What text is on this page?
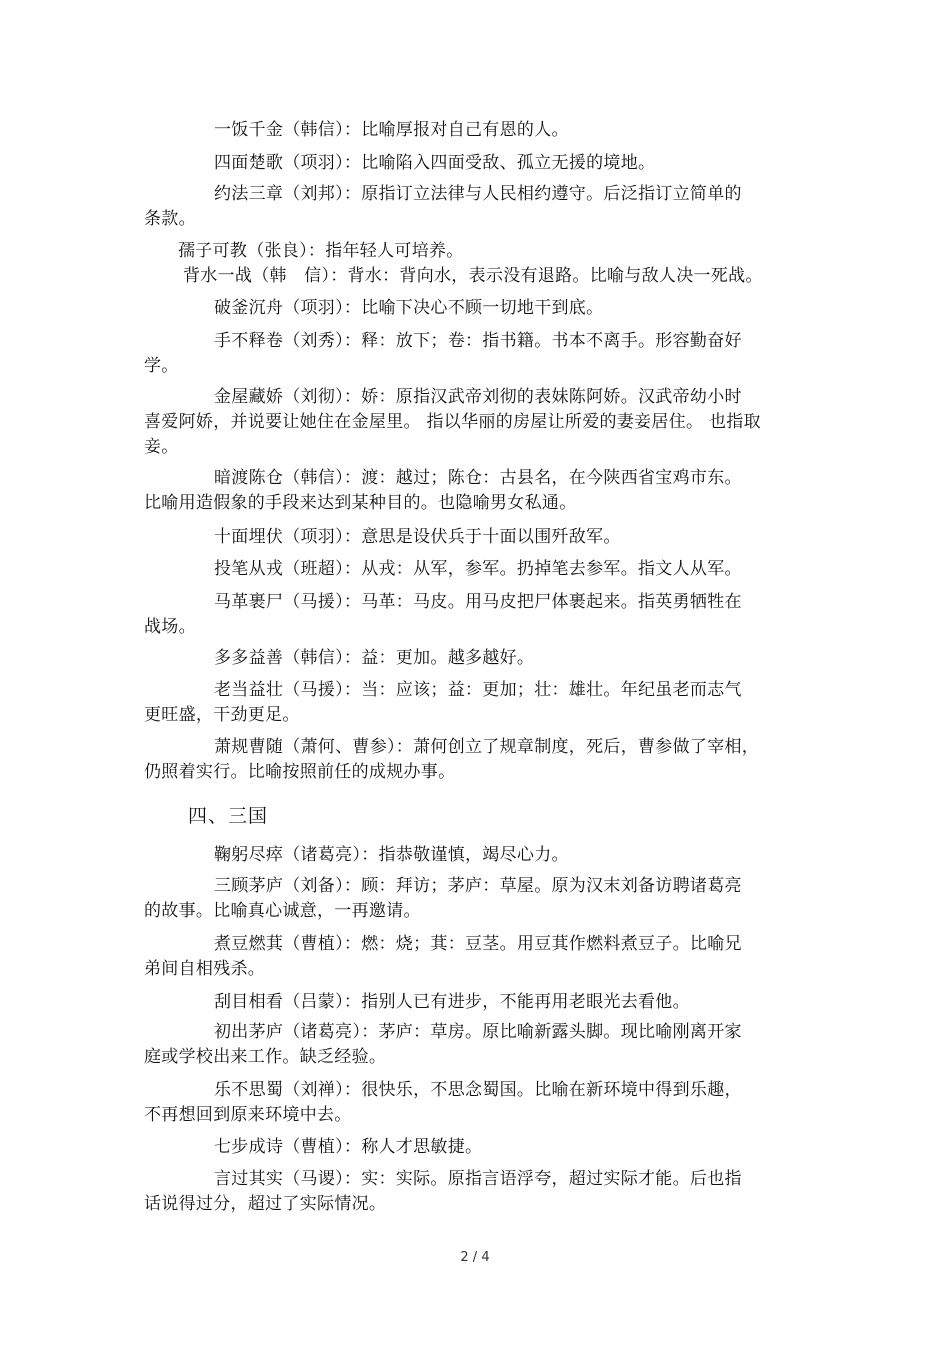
一饭千金（韩信）：比喻厚报对自己有恩的人。
四面楚歌（项羽）：比喻陷入四面受敌、孤立无援的境地。
约法三章（刘邦）：原指订立法律与人民相约遵守。后泛指订立简单的
条款。
孺子可教（张良）：指年轻人可培养。
背水一战（韩　信）：背水：背向水，表示没有退路。比喻与敌人决一死战。
破釜沉舟（项羽）：比喻下决心不顾一切地干到底。
手不释卷（刘秀）：释：放下；卷：指书籍。书本不离手。形容勤奋好
学。
金屋藏娇（刘彻）：娇：原指汉武帝刘彻的表妹陈阿娇。汉武帝幼小时
喜爱阿娇，并说要让她住在金屋里。 指以华丽的房屋让所爱的妻妾居住。 也指取
妾。
暗渡陈仓（韩信）：渡：越过；陈仓：古县名，在今陕西省宝鸡市东。
比喻用造假象的手段来达到某种目的。也隐喻男女私通。
十面埋伏（项羽）：意思是设伏兵于十面以围歼敌军。
投笔从戎（班超）：从戎：从军，参军。扔掉笔去参军。指文人从军。
马革裹尸（马援）：马革：马皮。用马皮把尸体裹起来。指英勇牺牲在
战场。
多多益善（韩信）：益：更加。越多越好。
老当益壮（马援）：当：应该；益：更加；壮：雄壮。年纪虽老而志气
更旺盛，干劲更足。
萧规曹随（萧何、曹参）：萧何创立了规章制度，死后，曹参做了宰相，
仍照着实行。比喻按照前任的成规办事。
四、三国
鞠躬尽瘁（诸葛亮）：指恭敬谨慎，竭尽心力。
三顾茅庐（刘备）：顾：拜访；茅庐：草屋。原为汉末刘备访聘诸葛亮
的故事。比喻真心诚意，一再邀请。
煮豆燃萁（曹植）：燃：烧；萁：豆茎。用豆萁作燃料煮豆子。比喻兄
弟间自相残杀。
刮目相看（吕蒙）：指别人已有进步，不能再用老眼光去看他。
初出茅庐（诸葛亮）：茅庐：草房。原比喻新露头脚。现比喻刚离开家
庭或学校出来工作。缺乏经验。
乐不思蜀（刘禅）：很快乐，不思念蜀国。比喻在新环境中得到乐趣，
不再想回到原来环境中去。
七步成诗（曹植）：称人才思敏捷。
言过其实（马谡）：实：实际。原指言语浮夸，超过实际才能。后也指
话说得过分，超过了实际情况。
2 / 4
